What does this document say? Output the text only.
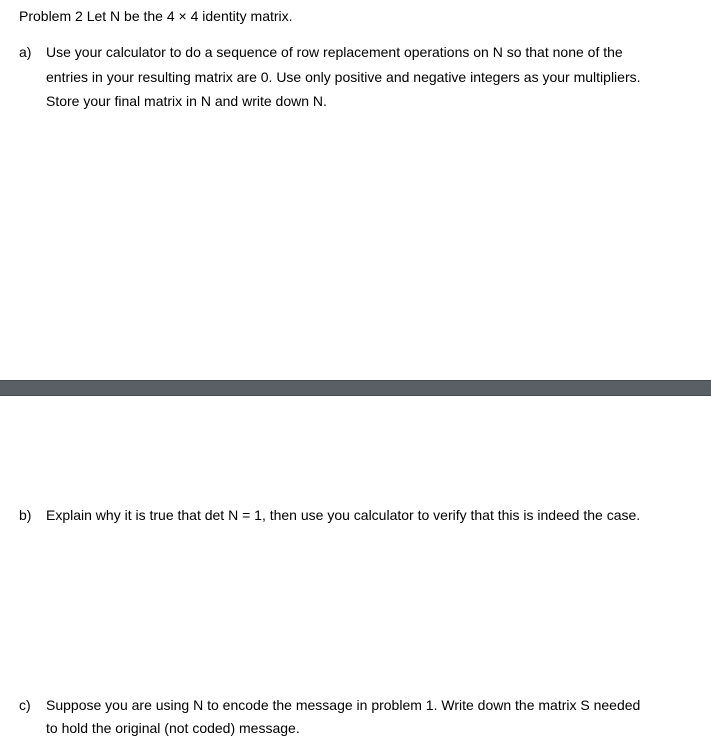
Problem 2 Let N be the 4 × 4 identity matrix.
a) Use your calculator to do a sequence of row replacement operations on N so that none of the
entries in your resulting matrix are 0. Use only positive and negative integers as your multipliers.
Store your final matrix in N and write down N.
b) Explain why it is true that det N = 1, then use you calculator to verify that this is indeed the case.
c) Suppose you are using N to encode the message in problem 1. Write down the matrix S needed
to hold the original (not coded) message.
